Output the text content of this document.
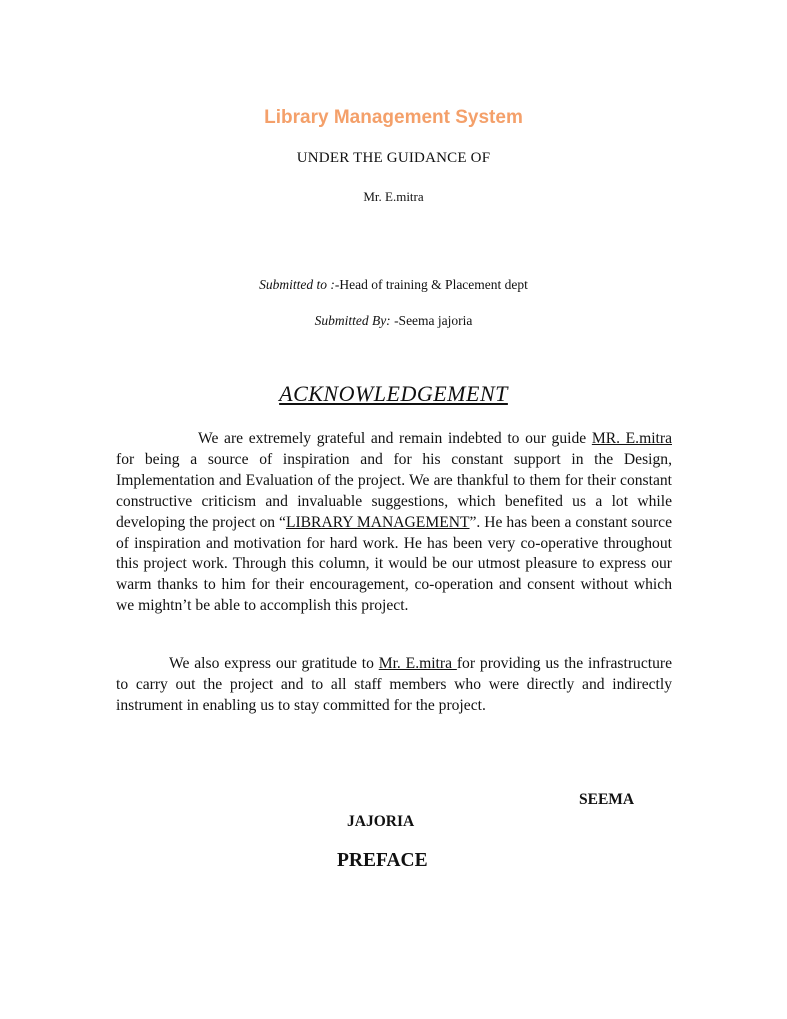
Library Management System
UNDER THE GUIDANCE OF
Mr. E.mitra
Submitted to :-Head of training & Placement dept
Submitted By: -Seema jajoria
ACKNOWLEDGEMENT
We are extremely grateful and remain indebted to our guide MR. E.mitra for being a source of inspiration and for his constant support in the Design, Implementation and Evaluation of the project. We are thankful to them for their constant constructive criticism and invaluable suggestions, which benefited us a lot while developing the project on “LIBRARY MANAGEMENT”. He has been a constant source of inspiration and motivation for hard work. He has been very co-operative throughout this project work. Through this column, it would be our utmost pleasure to express our warm thanks to him for their encouragement, co-operation and consent without which we mightn’t be able to accomplish this project.
We also express our gratitude to Mr. E.mitra for providing us the infrastructure to carry out the project and to all staff members who were directly and indirectly instrument in enabling us to stay committed for the project.
SEEMA
JAJORIA
PREFACE
